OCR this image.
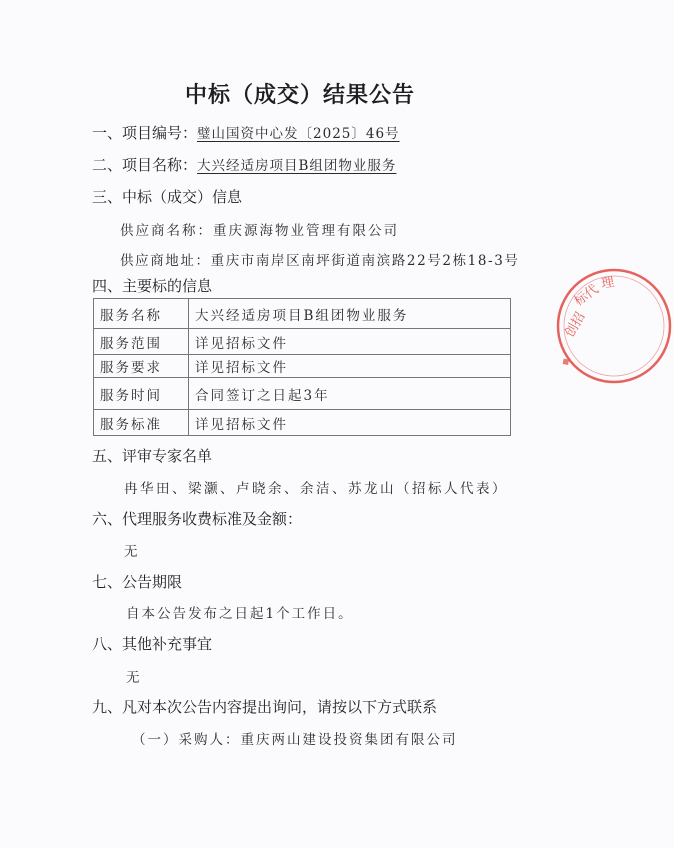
中标（成交）结果公告
一、项目编号：璧山国资中心发〔2025〕46号
二、项目名称：大兴经适房项目B组团物业服务
三、中标（成交）信息
供应商名称：重庆源海物业管理有限公司
供应商地址：重庆市南岸区南坪街道南滨路22号2栋18-3号
四、主要标的信息
服务名称	大兴经适房项目B组团物业服务
服务范围	详见招标文件
服务要求	详见招标文件
服务时间	合同签订之日起3年
服务标准	详见招标文件
五、评审专家名单
冉华田、梁灏、卢晓余、余洁、苏龙山（招标人代表）
六、代理服务收费标准及金额：
无
七、公告期限
自本公告发布之日起1个工作日。
八、其他补充事宜
无
九、凡对本次公告内容提出询问，请按以下方式联系
（一）采购人：重庆两山建设投资集团有限公司
创招
标代
理
▪
